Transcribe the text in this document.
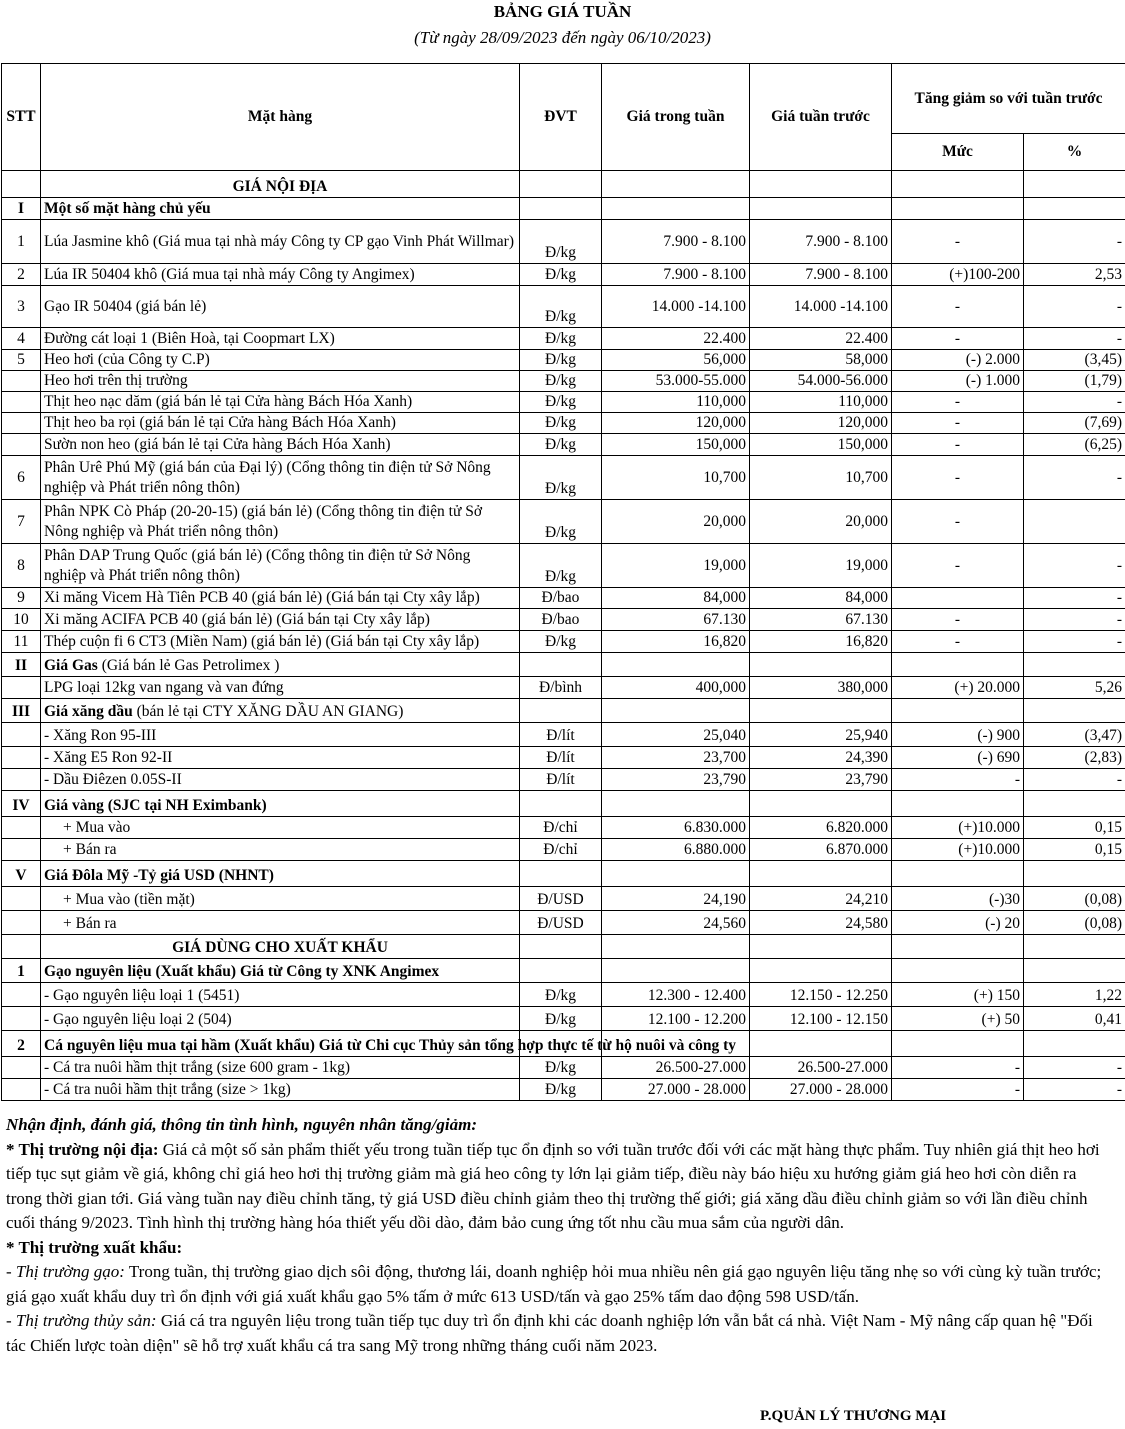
BẢNG GIÁ TUẦN
(Từ ngày 28/09/2023 đến ngày 06/10/2023)
STT	Mặt hàng	ĐVT	Giá trong tuần	Giá tuần trước	Tăng giảm so với tuần trước	
					Mức	%
	GIÁ NỘI ĐỊA					
I	Một số mặt hàng chủ yếu					
1	Lúa Jasmine khô (Giá mua tại nhà máy Công ty CP gạo Vinh Phát Willmar)	Đ/kg	7.900 - 8.100	7.900 - 8.100	-	-
2	Lúa IR 50404 khô (Giá mua tại nhà máy Công ty Angimex)	Đ/kg	7.900 - 8.100	7.900 - 8.100	(+)100-200	2,53
3	Gạo IR 50404 (giá bán lẻ)	Đ/kg	14.000 -14.100	14.000 -14.100	-	-
4	Đường cát loại 1 (Biên Hoà, tại Coopmart LX)	Đ/kg	22.400	22.400	-	-
5	Heo hơi (của Công ty C.P)	Đ/kg	56,000	58,000	(-) 2.000	(3,45)
	Heo hơi trên thị trường	Đ/kg	53.000-55.000	54.000-56.000	(-) 1.000	(1,79)
	Thịt heo nạc dăm (giá bán lẻ tại Cửa hàng Bách Hóa Xanh)	Đ/kg	110,000	110,000	-	-
	Thịt heo ba rọi (giá bán lẻ tại Cửa hàng Bách Hóa Xanh)	Đ/kg	120,000	120,000	-	(7,69)
	Sườn non heo (giá bán lẻ tại Cửa hàng Bách Hóa Xanh)	Đ/kg	150,000	150,000	-	(6,25)
6	Phân Urê Phú Mỹ (giá bán của Đại lý) (Cổng thông tin điện tử Sở Nông nghiệp và Phát triển nông thôn)	Đ/kg	10,700	10,700	-	-
7	Phân NPK Cò Pháp (20-20-15) (giá bán lẻ) (Cổng thông tin điện tử Sở Nông nghiệp và Phát triển nông thôn)	Đ/kg	20,000	20,000	-	
8	Phân DAP Trung Quốc (giá bán lẻ) (Cổng thông tin điện tử Sở Nông nghiệp và Phát triển nông thôn)	Đ/kg	19,000	19,000	-	-
9	Xi măng Vicem Hà Tiên PCB 40 (giá bán lẻ) (Giá bán tại Cty xây lắp)	Đ/bao	84,000	84,000		-
10	Xi măng ACIFA PCB 40 (giá bán lẻ) (Giá bán tại Cty xây lắp)	Đ/bao	67.130	67.130	-	-
11	Thép cuộn fi 6 CT3 (Miền Nam) (giá bán lẻ) (Giá bán tại Cty xây lắp)	Đ/kg	16,820	16,820	-	-
II	Giá Gas (Giá bán lẻ Gas Petrolimex )					
	LPG loại 12kg van ngang và van đứng	Đ/bình	400,000	380,000	(+) 20.000	5,26
III	Giá xăng dầu (bán lẻ tại CTY XĂNG DẦU AN GIANG)					
	- Xăng Ron 95-III	Đ/lít	25,040	25,940	(-) 900	(3,47)
	- Xăng E5 Ron 92-II	Đ/lít	23,700	24,390	(-) 690	(2,83)
	- Dầu Điêzen 0.05S-II	Đ/lít	23,790	23,790	-	-
IV	Giá vàng (SJC tại NH Eximbank)					
	+ Mua vào	Đ/chỉ	6.830.000	6.820.000	(+)10.000	0,15
	+ Bán ra	Đ/chỉ	6.880.000	6.870.000	(+)10.000	0,15
V	Giá Đôla Mỹ -Tỷ giá USD (NHNT)					
	+ Mua vào (tiền mặt)	Đ/USD	24,190	24,210	(-)30	(0,08)
	+ Bán ra	Đ/USD	24,560	24,580	(-) 20	(0,08)
	GIÁ DÙNG CHO XUẤT KHẨU					
1	Gạo nguyên liệu (Xuất khẩu) Giá từ Công ty XNK Angimex					
	- Gạo nguyên liệu loại 1 (5451)	Đ/kg	12.300 - 12.400	12.150 - 12.250	(+) 150	1,22
	- Gạo nguyên liệu loại 2 (504)	Đ/kg	12.100 - 12.200	12.100 - 12.150	(+) 50	0,41
2	Cá nguyên liệu mua tại hầm (Xuất khẩu) Giá từ Chi cục Thủy sản tổng hợp thực tế từ hộ nuôi và công ty					
	- Cá tra nuôi hầm thịt trắng (size 600 gram - 1kg)	Đ/kg	26.500-27.000	26.500-27.000	-	-
	- Cá tra nuôi hầm thịt trắng (size > 1kg)	Đ/kg	27.000 - 28.000	27.000 - 28.000	-	-

Nhận định, đánh giá, thông tin tình hình, nguyên nhân tăng/giảm:

* Thị trường nội địa: Giá cả một số sản phẩm thiết yếu trong tuần tiếp tục ổn định so với tuần trước đối với các mặt hàng thực phẩm. Tuy nhiên giá thịt heo hơi tiếp tục sụt giảm về giá, không chỉ giá heo hơi thị trường giảm mà giá heo công ty lớn lại giảm tiếp, điều này báo hiệu xu hướng giảm giá heo hơi còn diễn ra trong thời gian tới. Giá vàng tuần nay điều chỉnh tăng, tỷ giá USD điều chỉnh giảm theo thị trường thế giới; giá xăng dầu điều chỉnh giảm so với lần điều chỉnh cuối tháng 9/2023. Tình hình thị trường hàng hóa thiết yếu dồi dào, đảm bảo cung ứng tốt nhu cầu mua sắm của người dân.

* Thị trường xuất khẩu:

- Thị trường gạo: Trong tuần, thị trường giao dịch sôi động, thương lái, doanh nghiệp hỏi mua nhiều nên giá gạo nguyên liệu tăng nhẹ so với cùng kỳ tuần trước; giá gạo xuất khẩu duy trì ổn định với giá xuất khẩu gạo 5% tấm ở mức 613 USD/tấn và gạo 25% tấm dao động 598 USD/tấn.

- Thị trường thủy sản: Giá cá tra nguyên liệu trong tuần tiếp tục duy trì ổn định khi các doanh nghiệp lớn vẫn bắt cá nhà. Việt Nam - Mỹ nâng cấp quan hệ "Đối tác Chiến lược toàn diện" sẽ hỗ trợ xuất khẩu cá tra sang Mỹ trong những tháng cuối năm 2023.

P.QUẢN LÝ THƯƠNG MẠI
